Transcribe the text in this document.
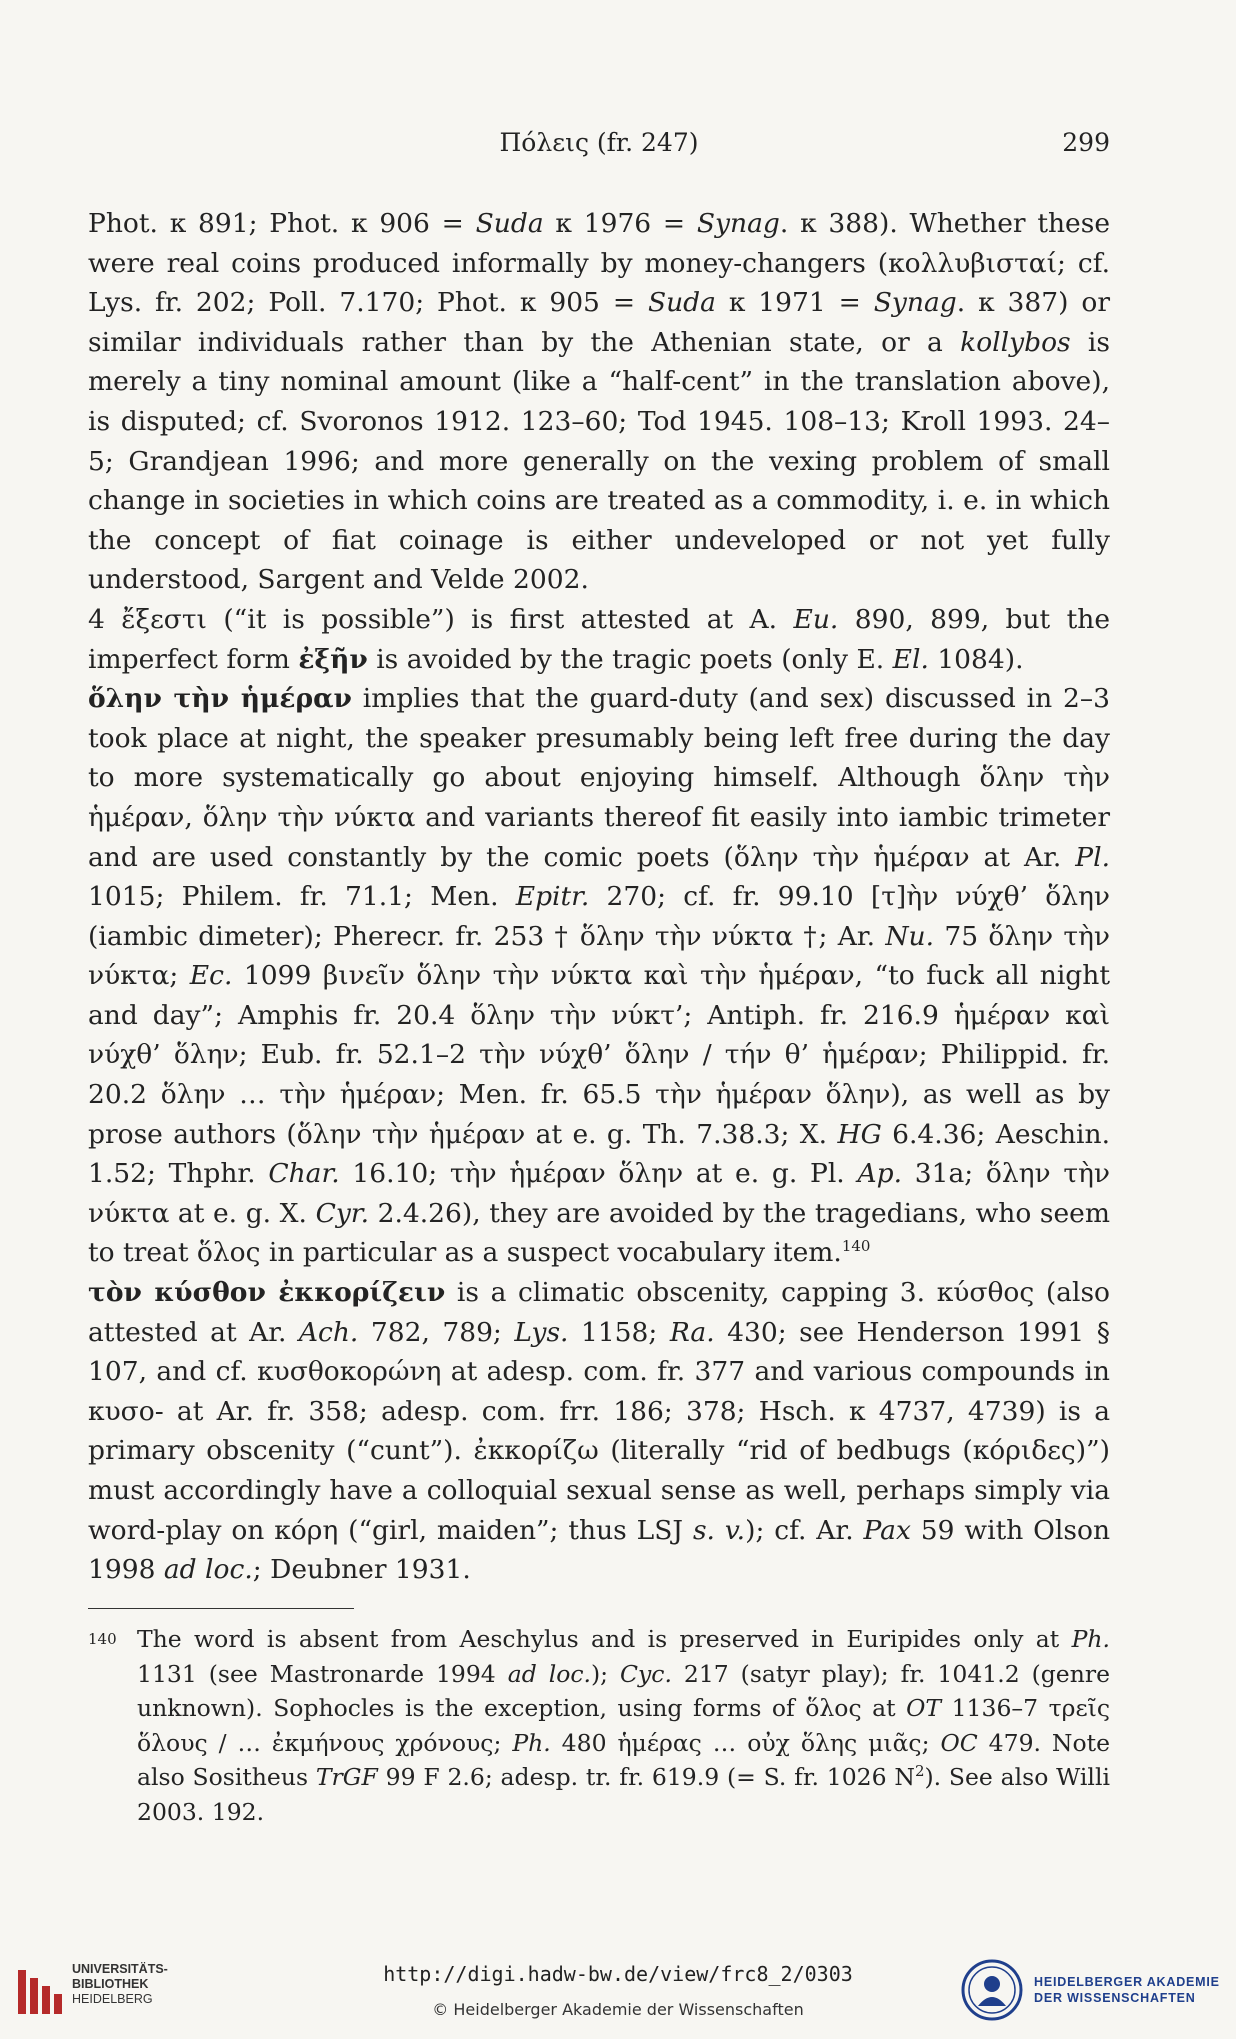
Πόλεις (fr. 247)	299

Phot. κ 891; Phot. κ 906 = Suda κ 1976 = Synag. κ 388). Whether these were real coins produced informally by money-changers (κολλυβισταί; cf. Lys. fr. 202; Poll. 7.170; Phot. κ 905 = Suda κ 1971 = Synag. κ 387) or similar individuals rather than by the Athenian state, or a kollybos is merely a tiny nominal amount (like a “half-cent” in the translation above), is disputed; cf. Svoronos 1912. 123–60; Tod 1945. 108–13; Kroll 1993. 24–5; Grandjean 1996; and more generally on the vexing problem of small change in societies in which coins are treated as a commodity, i. e. in which the concept of fiat coinage is either undeveloped or not yet fully understood, Sargent and Velde 2002.

4 ἔξεστι (“it is possible”) is first attested at A. Eu. 890, 899, but the imperfect form ἐξῆν is avoided by the tragic poets (only E. El. 1084).

ὅλην τὴν ἡμέραν implies that the guard-duty (and sex) discussed in 2–3 took place at night, the speaker presumably being left free during the day to more systematically go about enjoying himself. Although ὅλην τὴν ἡμέραν, ὅλην τὴν νύκτα and variants thereof fit easily into iambic trimeter and are used constantly by the comic poets (ὅλην τὴν ἡμέραν at Ar. Pl. 1015; Philem. fr. 71.1; Men. Epitr. 270; cf. fr. 99.10 [τ]ὴν νύχθ’ ὅλην (iambic dimeter); Pherecr. fr. 253 † ὅλην τὴν νύκτα †; Ar. Nu. 75 ὅλην τὴν νύκτα; Ec. 1099 βινεῖν ὅλην τὴν νύκτα καὶ τὴν ἡμέραν, “to fuck all night and day”; Amphis fr. 20.4 ὅλην τὴν νύκτ’; Antiph. fr. 216.9 ἡμέραν καὶ νύχθ’ ὅλην; Eub. fr. 52.1–2 τὴν νύχθ’ ὅλην / τήν θ’ ἡμέραν; Philippid. fr. 20.2 ὅλην … τὴν ἡμέραν; Men. fr. 65.5 τὴν ἡμέραν ὅλην), as well as by prose authors (ὅλην τὴν ἡμέραν at e. g. Th. 7.38.3; X. HG 6.4.36; Aeschin. 1.52; Thphr. Char. 16.10; τὴν ἡμέραν ὅλην at e. g. Pl. Ap. 31a; ὅλην τὴν νύκτα at e. g. X. Cyr. 2.4.26), they are avoided by the tragedians, who seem to treat ὅλος in particular as a suspect vocabulary item.$^{140}$

τὸν κύσθον ἐκκορίζειν is a climatic obscenity, capping 3. κύσθος (also attested at Ar. Ach. 782, 789; Lys. 1158; Ra. 430; see Henderson 1991 § 107, and cf. κυσθοκορώνη at adesp. com. fr. 377 and various compounds in κυσο- at Ar. fr. 358; adesp. com. frr. 186; 378; Hsch. κ 4737, 4739) is a primary obscenity (“cunt”). ἐκκορίζω (literally “rid of bedbugs (κόριδες)”) must accordingly have a colloquial sexual sense as well, perhaps simply via word-play on κόρη (“girl, maiden”; thus LSJ s. v.); cf. Ar. Pax 59 with Olson 1998 ad loc.; Deubner 1931.

140 The word is absent from Aeschylus and is preserved in Euripides only at Ph. 1131 (see Mastronarde 1994 ad loc.); Cyc. 217 (satyr play); fr. 1041.2 (genre unknown). Sophocles is the exception, using forms of ὅλος at OT 1136–7 τρεῖς ὅλους / … ἐκμήνους χρόνους; Ph. 480 ἡμέρας … οὐχ ὅλης μιᾶς; OC 479. Note also Sositheus TrGF 99 F 2.6; adesp. tr. fr. 619.9 (= S. fr. 1026 $N^2$). See also Willi 2003. 192.
UNIVERSITÄTS-
BIBLIOTHEK
HEIDELBERG
http://digi.hadw-bw.de/view/frc8_2/0303
© Heidelberger Akademie der Wissenschaften
HEIDELBERGER AKADEMIE
DER WISSENSCHAFTEN
